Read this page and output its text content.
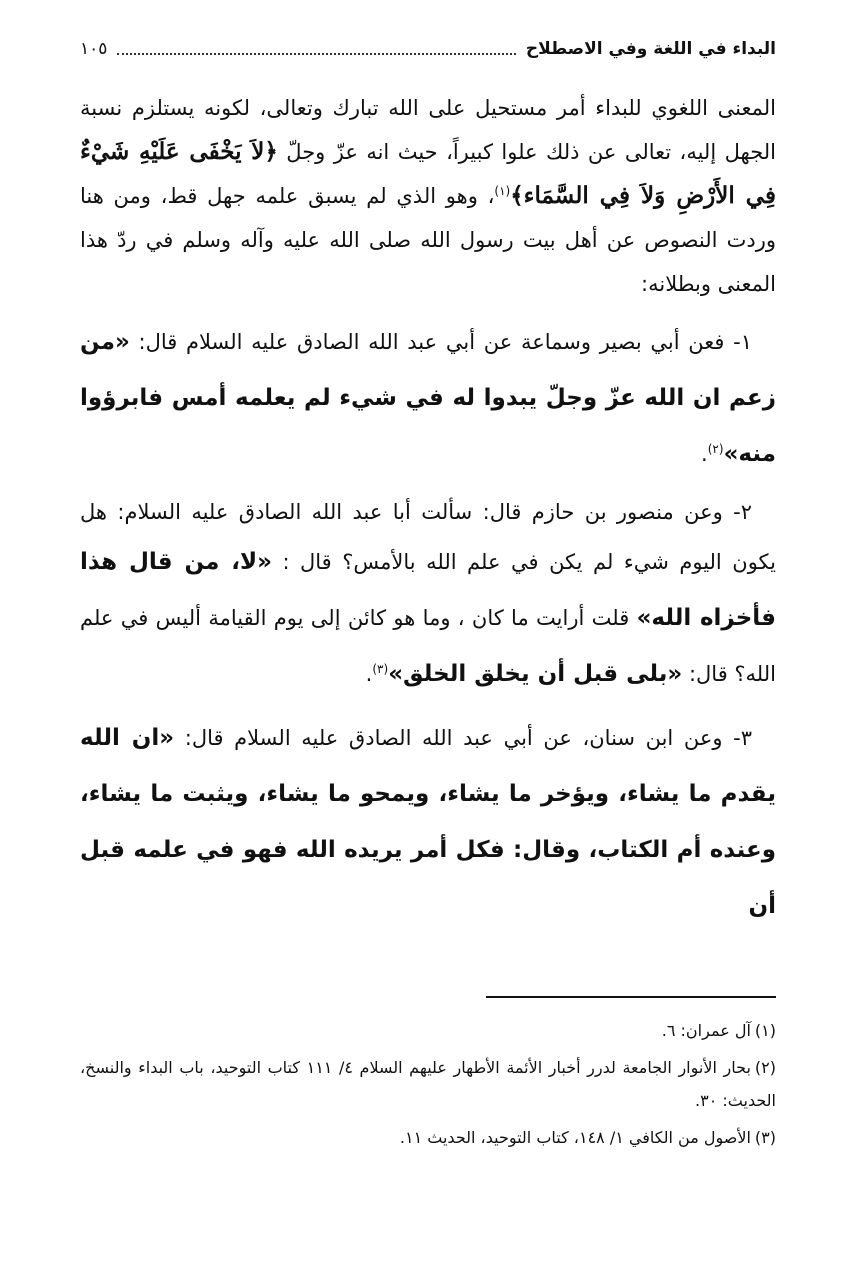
البداء في اللغة وفي الاصطلاح
١٠٥

المعنى اللغوي للبداء أمر مستحيل على الله تبارك وتعالى، لكونه يستلزم نسبة الجهل إليه، تعالى عن ذلك علوا كبيراً، حيث انه عزّ وجلّ ﴿لاَ يَخْفَى عَلَيْهِ شَيْءٌ فِي الأَرْضِ وَلاَ فِي السَّمَاء﴾$^{(١)}$، وهو الذي لم يسبق علمه جهل قط، ومن هنا وردت النصوص عن أهل بيت رسول الله صلى الله عليه وآله وسلم في ردّ هذا المعنى وبطلانه:

١- فعن أبي بصير وسماعة عن أبي عبد الله الصادق عليه السلام قال: «من زعم ان الله عزّ وجلّ يبدوا له في شيء لم يعلمه أمس فابرؤوا منه»$^{(٢)}$.

٢- وعن منصور بن حازم قال: سألت أبا عبد الله الصادق عليه السلام: هل يكون اليوم شيء لم يكن في علم الله بالأمس؟ قال : «لا، من قال هذا فأخزاه الله» قلت أرايت ما كان ، وما هو كائن إلى يوم القيامة أليس في علم الله؟ قال: «بلى قبل أن يخلق الخلق»$^{(٣)}$.

٣- وعن ابن سنان، عن أبي عبد الله الصادق عليه السلام قال: «ان الله يقدم ما يشاء، ويؤخر ما يشاء، ويمحو ما يشاء، ويثبت ما يشاء، وعنده أم الكتاب، وقال: فكل أمر يريده الله فهو في علمه قبل أن

(١)آل عمران: ٦.

(٢)بحار الأنوار الجامعة لدرر أخبار الأئمة الأطهار عليهم السلام ٤/ ١١١ كتاب التوحيد، باب البداء والنسخ، الحديث: ٣٠.

(٣)الأصول من الكافي ١/ ١٤٨، كتاب التوحيد، الحديث ١١.
